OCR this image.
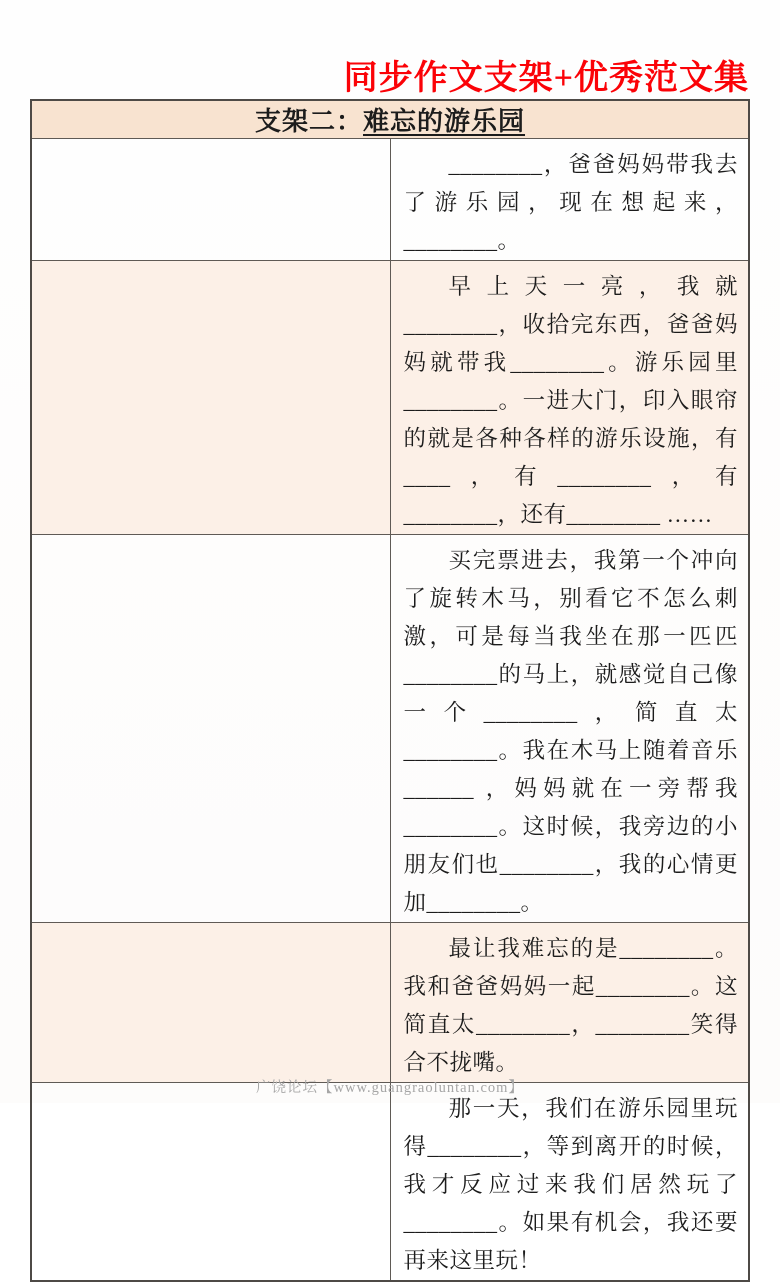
同步作文支架+优秀范文集
支架二：难忘的游乐园	

	________，爸爸妈妈带我去了游乐园，现在想起来，________。

	早上天一亮，我就________，收拾完东西，爸爸妈妈就带我________。游乐园里________。一进大门，印入眼帘的就是各种各样的游乐设施，有____，有________，有________，还有________ ……

	买完票进去，我第一个冲向了旋转木马，别看它不怎么刺激，可是每当我坐在那一匹匹________的马上，就感觉自己像一个________，简直太________。我在木马上随着音乐______ ，妈妈就在一旁帮我________。这时候，我旁边的小朋友们也________，我的心情更加________。

	最让我难忘的是________。我和爸爸妈妈一起________。这简直太________，________笑得合不拢嘴。

	那一天，我们在游乐园里玩得________，等到离开的时候，我才反应过来我们居然玩了________。如果有机会，我还要再来这里玩！

广饶论坛【www.guangraoluntan.com】
